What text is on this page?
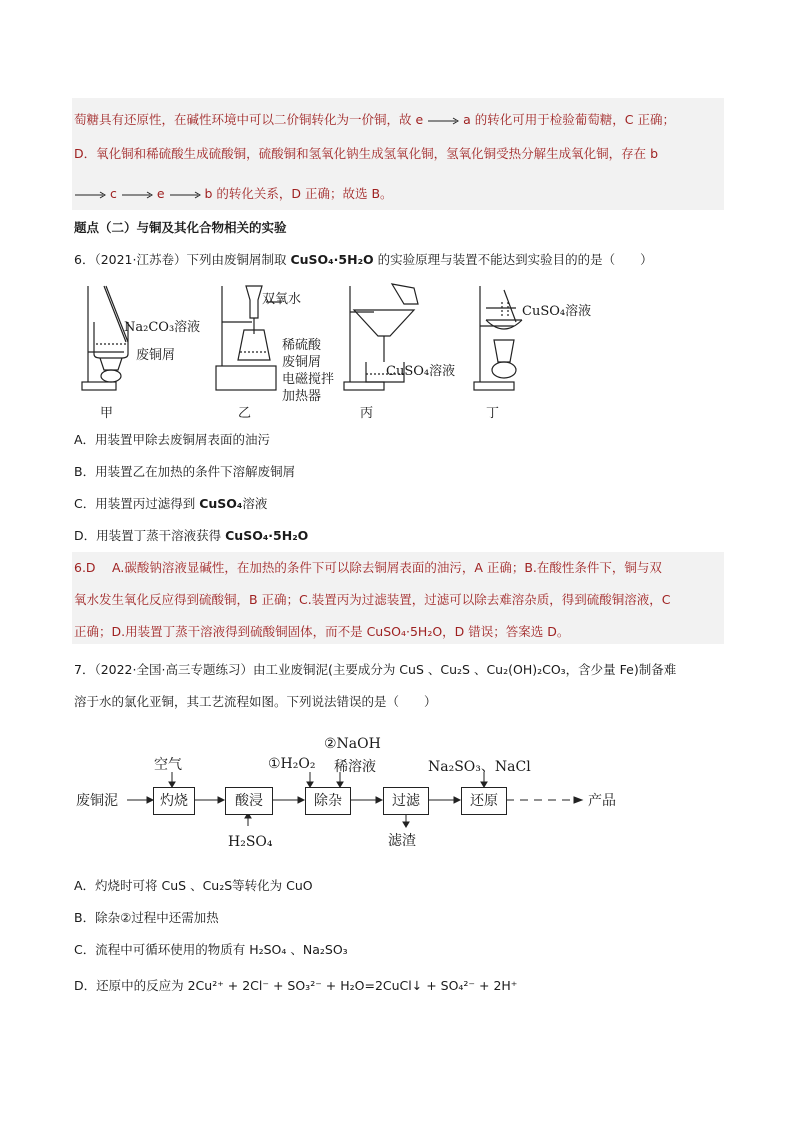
萄糖具有还原性，在碱性环境中可以二价铜转化为一价铜，故 e	a 的转化可用于检验葡萄糖，C 正确；
D．氧化铜和稀硫酸生成硫酸铜，硫酸铜和氢氧化钠生成氢氧化铜，氢氧化铜受热分解生成氧化铜，存在 b
c	e	b 的转化关系，D 正确；故选 B。
题点（二）与铜及其化合物相关的实验
6．（2021·江苏卷）下列由废铜屑制取 CuSO₄·5H₂O 的实验原理与装置不能达到实验目的的是（　　）
Na₂CO₃溶液
废铜屑
甲
双氧水
稀硫酸
废铜屑
电磁搅拌
加热器
乙
CuSO₄溶液
丙
CuSO₄溶液
丁
A．用装置甲除去废铜屑表面的油污
B．用装置乙在加热的条件下溶解废铜屑
C．用装置丙过滤得到 CuSO₄溶液
D．用装置丁蒸干溶液获得 CuSO₄·5H₂O
6.D　 A.碳酸钠溶液显碱性，在加热的条件下可以除去铜屑表面的油污，A 正确；B.在酸性条件下，铜与双
氧水发生氧化反应得到硫酸铜，B 正确；C.装置丙为过滤装置，过滤可以除去难溶杂质，得到硫酸铜溶液，C
正确；D.用装置丁蒸干溶液得到硫酸铜固体，而不是 CuSO₄·5H₂O，D 错误；答案选 D。
7．（2022·全国·高三专题练习）由工业废铜泥(主要成分为 CuS 、Cu₂S 、Cu₂(OH)₂CO₃，含少量 Fe)制备难
溶于水的氯化亚铜，其工艺流程如图。下列说法错误的是（　　）
废铜泥	灼烧	酸浸	除杂	过滤	还原	产品
空气
H₂SO₄
①H₂O₂
②NaOH
稀溶液	Na₂SO₃、NaCl
滤渣
A．灼烧时可将 CuS 、Cu₂S等转化为 CuO
B．除杂②过程中还需加热
C．流程中可循环使用的物质有 H₂SO₄ 、Na₂SO₃
D．还原中的反应为 2Cu²⁺ + 2Cl⁻ + SO₃²⁻ + H₂O=2CuCl↓ + SO₄²⁻ + 2H⁺
